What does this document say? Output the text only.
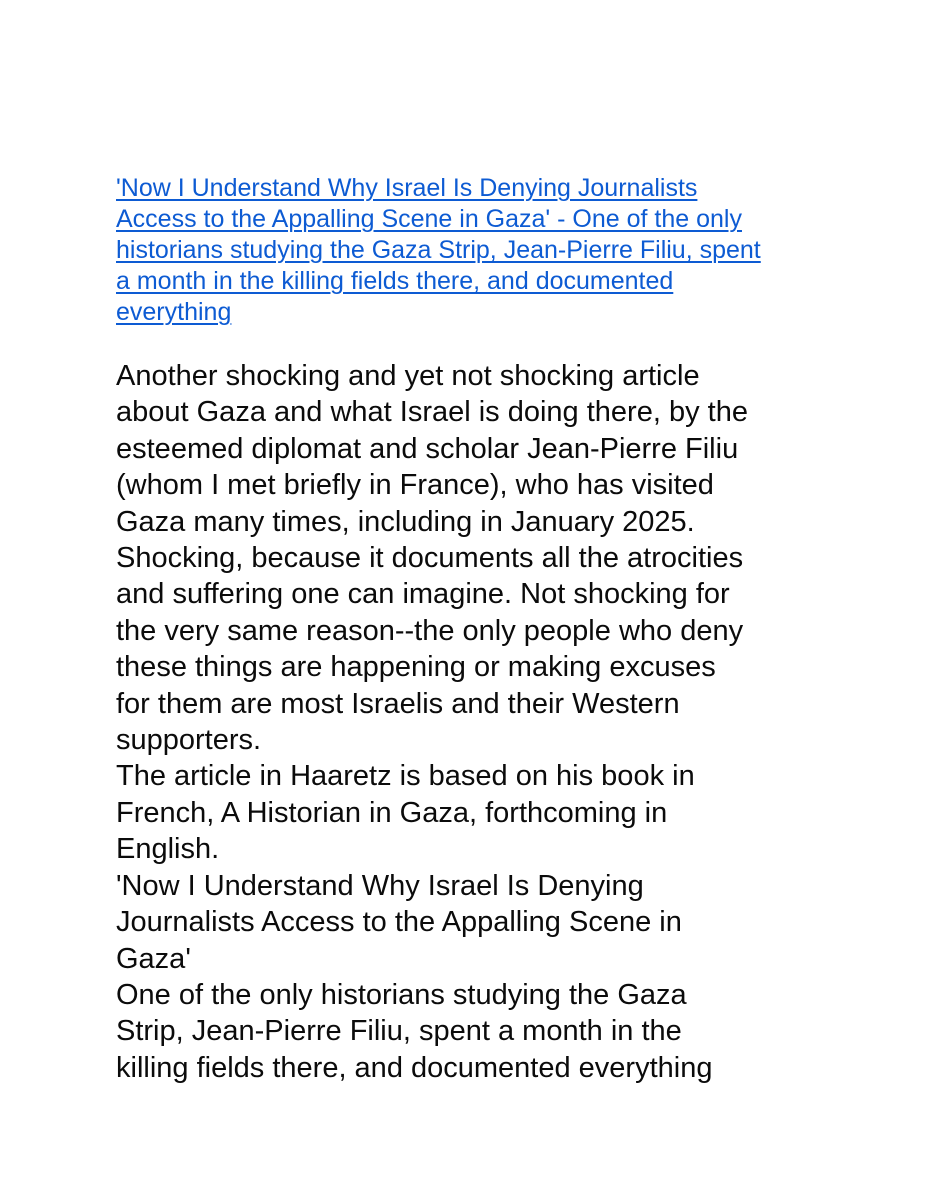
'Now I Understand Why Israel Is Denying Journalists
Access to the Appalling Scene in Gaza' - One of the only
historians studying the Gaza Strip, Jean-Pierre Filiu, spent
a month in the killing fields there, and documented
everything
Another shocking and yet not shocking article
about Gaza and what Israel is doing there, by the
esteemed diplomat and scholar Jean-Pierre Filiu
(whom I met briefly in France), who has visited
Gaza many times, including in January 2025.
Shocking, because it documents all the atrocities
and suffering one can imagine. Not shocking for
the very same reason--the only people who deny
these things are happening or making excuses
for them are most Israelis and their Western
supporters.
The article in Haaretz is based on his book in
French, A Historian in Gaza, forthcoming in
English.
'Now I Understand Why Israel Is Denying
Journalists Access to the Appalling Scene in
Gaza'
One of the only historians studying the Gaza
Strip, Jean-Pierre Filiu, spent a month in the
killing fields there, and documented everything
